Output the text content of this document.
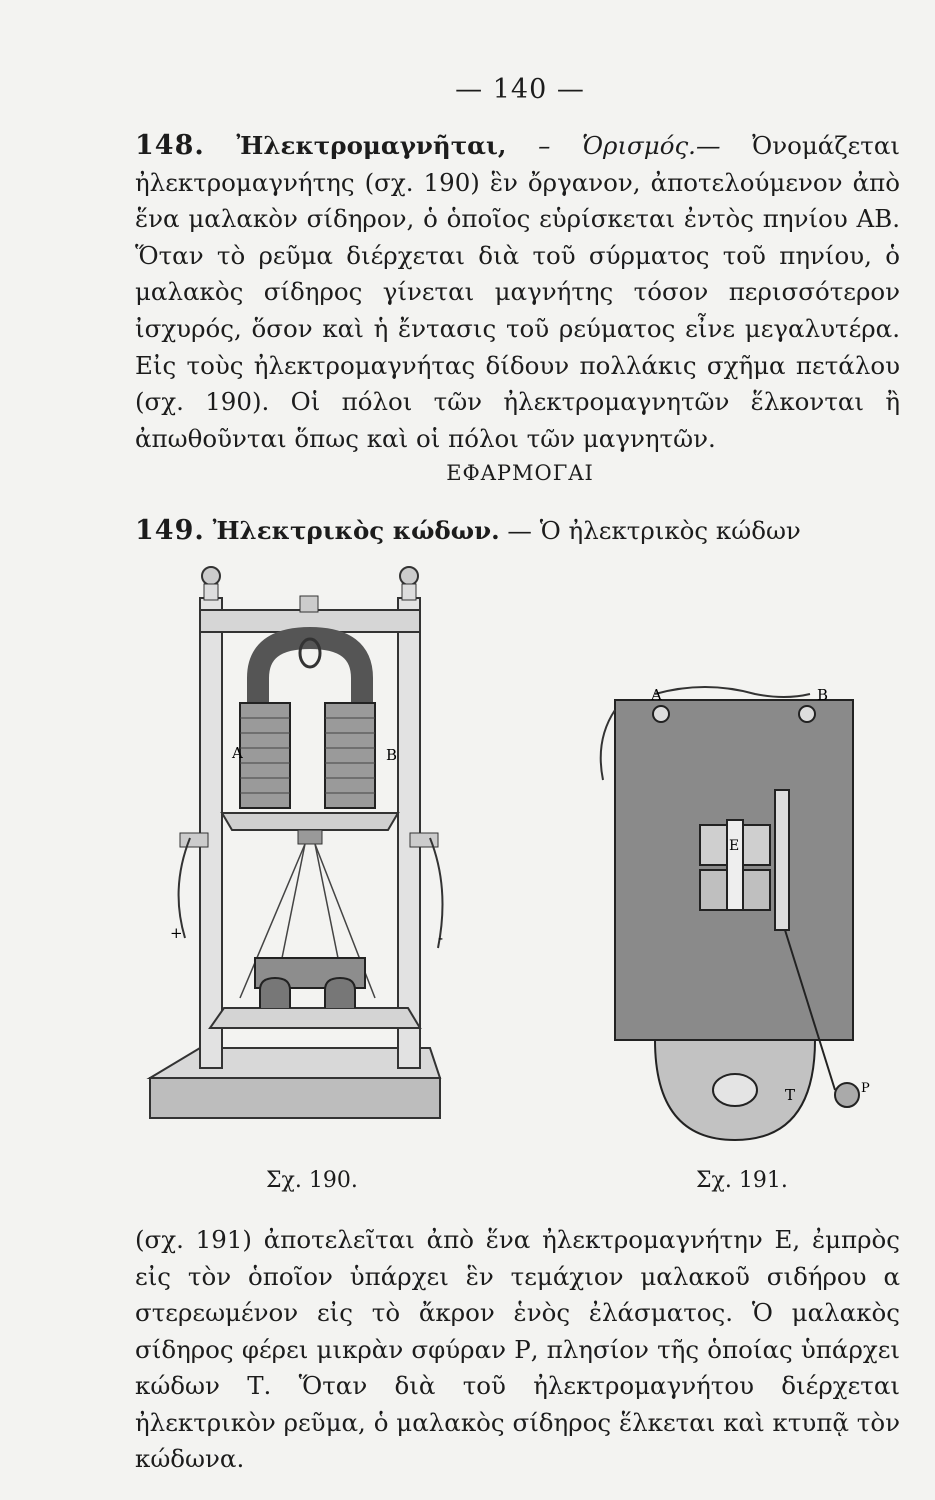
— 140 —
148. Ἠλεκτρομαγνῆται, – Ὁρισμός.— Ὀνομάζεται ἠλεκτρομαγνήτης (σχ. 190) ἓν ὄργανον, ἀποτελούμενον ἀπὸ ἕνα μαλακὸν σίδηρον, ὁ ὁποῖος εὑρίσκεται ἐντὸς πηνίου ΑΒ. Ὅταν τὸ ρεῦμα διέρχεται διὰ τοῦ σύρματος τοῦ πηνίου, ὁ μαλακὸς σίδηρος γίνεται μαγνήτης τόσον περισσότερον ἰσχυρός, ὅσον καὶ ἡ ἔντασις τοῦ ρεύματος εἶνε μεγαλυτέρα. Εἰς τοὺς ἠλεκτρομαγνήτας δίδουν πολλάκις σχῆμα πετάλου (σχ. 190). Οἱ πόλοι τῶν ἠλεκτρομαγνητῶν ἕλκονται ἢ ἀπωθοῦνται ὅπως καὶ οἱ πόλοι τῶν μαγνητῶν.
ΕΦΑΡΜΟΓΑΙ
149. Ἠλεκτρικὸς κώδων. — Ὁ ἠλεκτρικὸς κώδων
A	B
+	-
A	B
E
P
T
Σχ. 190.	Σχ. 191.
(σχ. 191) ἀποτελεῖται ἀπὸ ἕνα ἠλεκτρομαγνήτην Ε, ἐμπρὸς εἰς τὸν ὁποῖον ὑπάρχει ἓν τεμάχιον μαλακοῦ σιδήρου α στερεωμένον εἰς τὸ ἄκρον ἑνὸς ἐλάσματος. Ὁ μαλακὸς σίδηρος φέρει μικρὰν σφύραν Ρ, πλησίον τῆς ὁποίας ὑπάρχει κώδων Τ. Ὅταν διὰ τοῦ ἠλεκτρομαγνήτου διέρχεται ἠλεκτρικὸν ρεῦμα, ὁ μαλακὸς σίδηρος ἕλκεται καὶ κτυπᾷ τὸν κώδωνα.
